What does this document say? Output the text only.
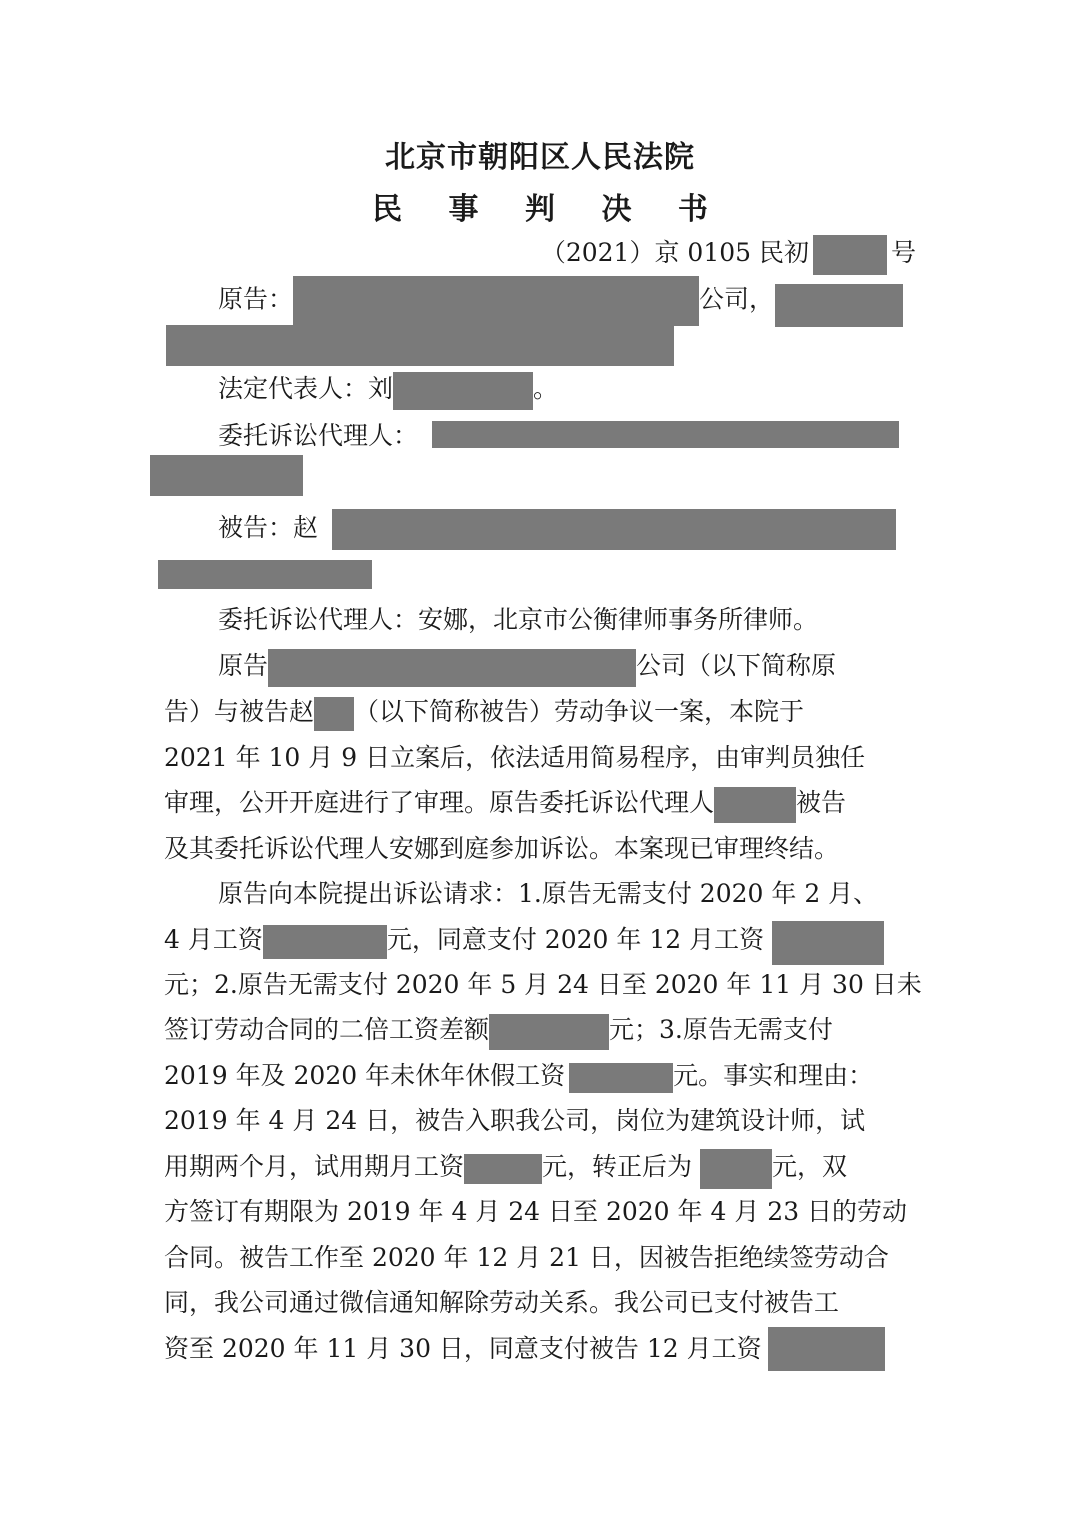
北京市朝阳区人民法院
民 事 判 决 书
（2021）京 0105 民初	号
原告：	公司，
法定代表人：刘	。
委托诉讼代理人：
被告：赵
委托诉讼代理人：安娜，北京市公衡律师事务所律师。
原告	公司（以下简称原
告）与被告赵 （以下简称被告）劳动争议一案，本院于
2021 年 10 月 9 日立案后，依法适用简易程序，由审判员独任
审理，公开开庭进行了审理。原告委托诉讼代理人	被告
及其委托诉讼代理人安娜到庭参加诉讼。本案现已审理终结。
原告向本院提出诉讼请求：1.原告无需支付 2020 年 2 月、
4 月工资	元，同意支付 2020 年 12 月工资
元；2.原告无需支付 2020 年 5 月 24 日至 2020 年 11 月 30 日未
签订劳动合同的二倍工资差额	元；3.原告无需支付
2019 年及 2020 年未休年休假工资	元。事实和理由：
2019 年 4 月 24 日，被告入职我公司，岗位为建筑设计师，试
用期两个月，试用期月工资	元，转正后为	元，双
方签订有期限为 2019 年 4 月 24 日至 2020 年 4 月 23 日的劳动
合同。被告工作至 2020 年 12 月 21 日，因被告拒绝续签劳动合
同，我公司通过微信通知解除劳动关系。我公司已支付被告工
资至 2020 年 11 月 30 日，同意支付被告 12 月工资
